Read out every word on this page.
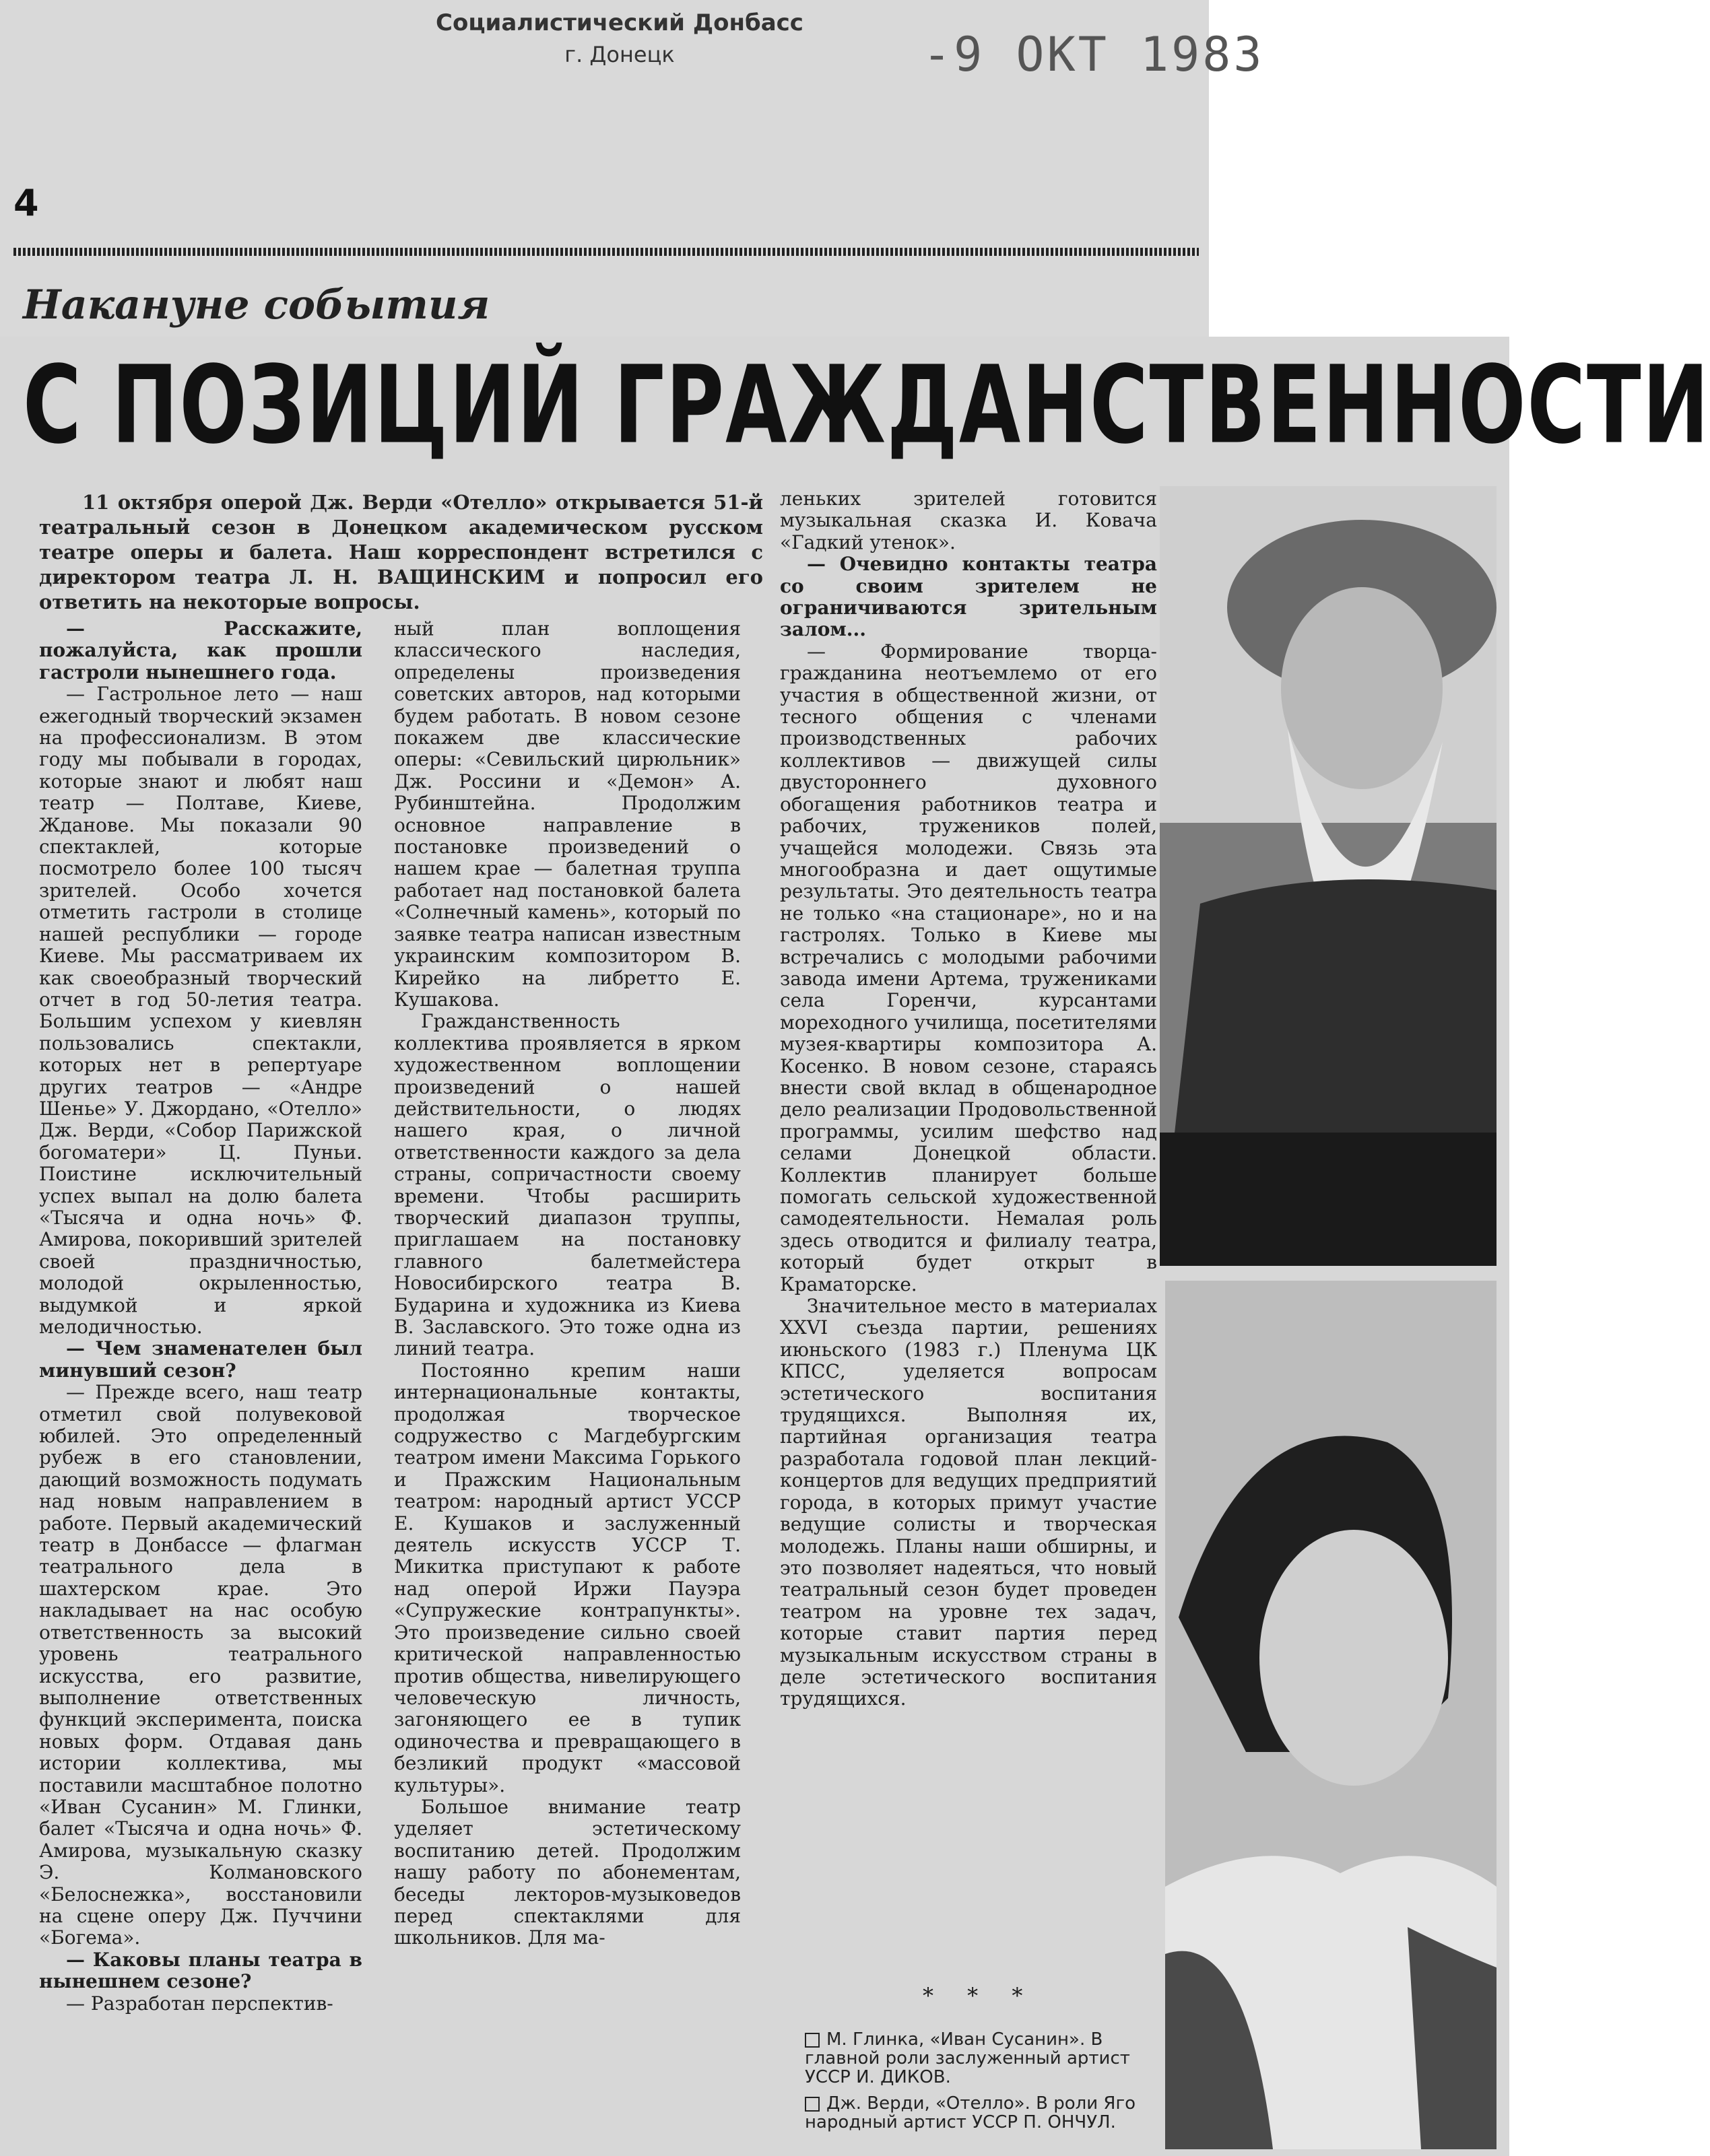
Социалистический Донбасс
г. Донецк	-9 ОКТ 1983
4
Накануне события
С ПОЗИЦИЙ ГРАЖДАНСТВЕННОСТИ
11 октября оперой Дж. Верди «Отелло» открывается 51-й театральный сезон в Донецком академическом русском театре оперы и балета. Наш корреспондент встретился с директором театра Л. Н. ВАЩИНСКИМ и попросил его ответить на некоторые вопросы.

— Расскажите, пожалуйста, как прошли гастроли нынешнего года.

— Гастрольное лето — наш ежегодный творческий экзамен на профессионализм. В этом году мы побывали в городах, которые знают и любят наш театр — Полтаве, Киеве, Жданове. Мы показали 90 спектаклей, которые посмотрело более 100 тысяч зрителей. Особо хочется отметить гастроли в столице нашей республики — городе Киеве. Мы рассматриваем их как своеобразный творческий отчет в год 50-летия театра. Большим успехом у киевлян пользовались спектакли, которых нет в репертуаре других театров — «Андре Шенье» У. Джордано, «Отелло» Дж. Верди, «Собор Парижской богоматери» Ц. Пуньи. Поистине исключительный успех выпал на долю балета «Тысяча и одна ночь» Ф. Амирова, покоривший зрителей своей праздничностью, молодой окрыленностью, выдумкой и яркой мелодичностью.

— Чем знаменателен был минувший сезон?

— Прежде всего, наш театр отметил свой полувековой юбилей. Это определенный рубеж в его становлении, дающий возможность подумать над новым направлением в работе. Первый академический театр в Донбассе — флагман театрального дела в шахтерском крае. Это накладывает на нас особую ответственность за высокий уровень театрального искусства, его развитие, выполнение ответственных функций эксперимента, поиска новых форм. Отдавая дань истории коллектива, мы поставили масштабное полотно «Иван Сусанин» М. Глинки, балет «Тысяча и одна ночь» Ф. Амирова, музыкальную сказку Э. Колмановского «Белоснежка», восстановили на сцене оперу Дж. Пуччини «Богема».

— Каковы планы театра в нынешнем сезоне?

— Разработан перспектив-

ный план воплощения классического наследия, определены произведения советских авторов, над которыми будем работать. В новом сезоне покажем две классические оперы: «Севильский цирюльник» Дж. Россини и «Демон» А. Рубинштейна. Продолжим основное направление в постановке произведений о нашем крае — балетная труппа работает над постановкой балета «Солнечный камень», который по заявке театра написан известным украинским композитором В. Кирейко на либретто Е. Кушакова.

Гражданственность коллектива проявляется в ярком художественном воплощении произведений о нашей действительности, о людях нашего края, о личной ответственности каждого за дела страны, сопричастности своему времени. Чтобы расширить творческий диапазон труппы, приглашаем на постановку главного балетмейстера Новосибирского театра В. Бударина и художника из Киева В. Заславского. Это тоже одна из линий театра.

Постоянно крепим наши интернациональные контакты, продолжая творческое содружество с Магдебургским театром имени Максима Горького и Пражским Национальным театром: народный артист УССР Е. Кушаков и заслуженный деятель искусств УССР Т. Микитка приступают к работе над оперой Иржи Пауэра «Супружеские контрапункты». Это произведение сильно своей критической направленностью против общества, нивелирующего человеческую личность, загоняющего ее в тупик одиночества и превращающего в безликий продукт «массовой культуры».

Большое внимание театр уделяет эстетическому воспитанию детей. Продолжим нашу работу по абонементам, беседы лекторов-музыковедов перед спектаклями для школьников. Для ма-

леньких зрителей готовится музыкальная сказка И. Ковача «Гадкий утенок».

— Очевидно контакты театра со своим зрителем не ограничиваются зрительным залом...

— Формирование творца-гражданина неотъемлемо от его участия в общественной жизни, от тесного общения с членами производственных рабочих коллективов — движущей силы двустороннего духовного обогащения работников театра и рабочих, тружеников полей, учащейся молодежи. Связь эта многообразна и дает ощутимые результаты. Это деятельность театра не только «на стационаре», но и на гастролях. Только в Киеве мы встречались с молодыми рабочими завода имени Артема, тружениками села Горенчи, курсантами мореходного училища, посетителями музея-квартиры композитора А. Косенко. В новом сезоне, стараясь внести свой вклад в общенародное дело реализации Продовольственной программы, усилим шефство над селами Донецкой области. Коллектив планирует больше помогать сельской художественной самодеятельности. Немалая роль здесь отводится и филиалу театра, который будет открыт в Краматорске.

Значительное место в материалах XXVI съезда партии, решениях июньского (1983 г.) Пленума ЦК КПСС, уделяется вопросам эстетического воспитания трудящихся. Выполняя их, партийная организация театра разработала годовой план лекций-концертов для ведущих предприятий города, в которых примут участие ведущие солисты и творческая молодежь. Планы наши обширны, и это позволяет надеяться, что новый театральный сезон будет проведен театром на уровне тех задач, которые ставит партия перед музыкальным искусством страны в деле эстетического воспитания трудящихся.

* * *
М. Глинка, «Иван Сусанин». В главной роли заслуженный артист УССР И. ДИКОВ.
Дж. Верди, «Отелло». В роли Яго народный артист УССР П. ОНЧУЛ.
